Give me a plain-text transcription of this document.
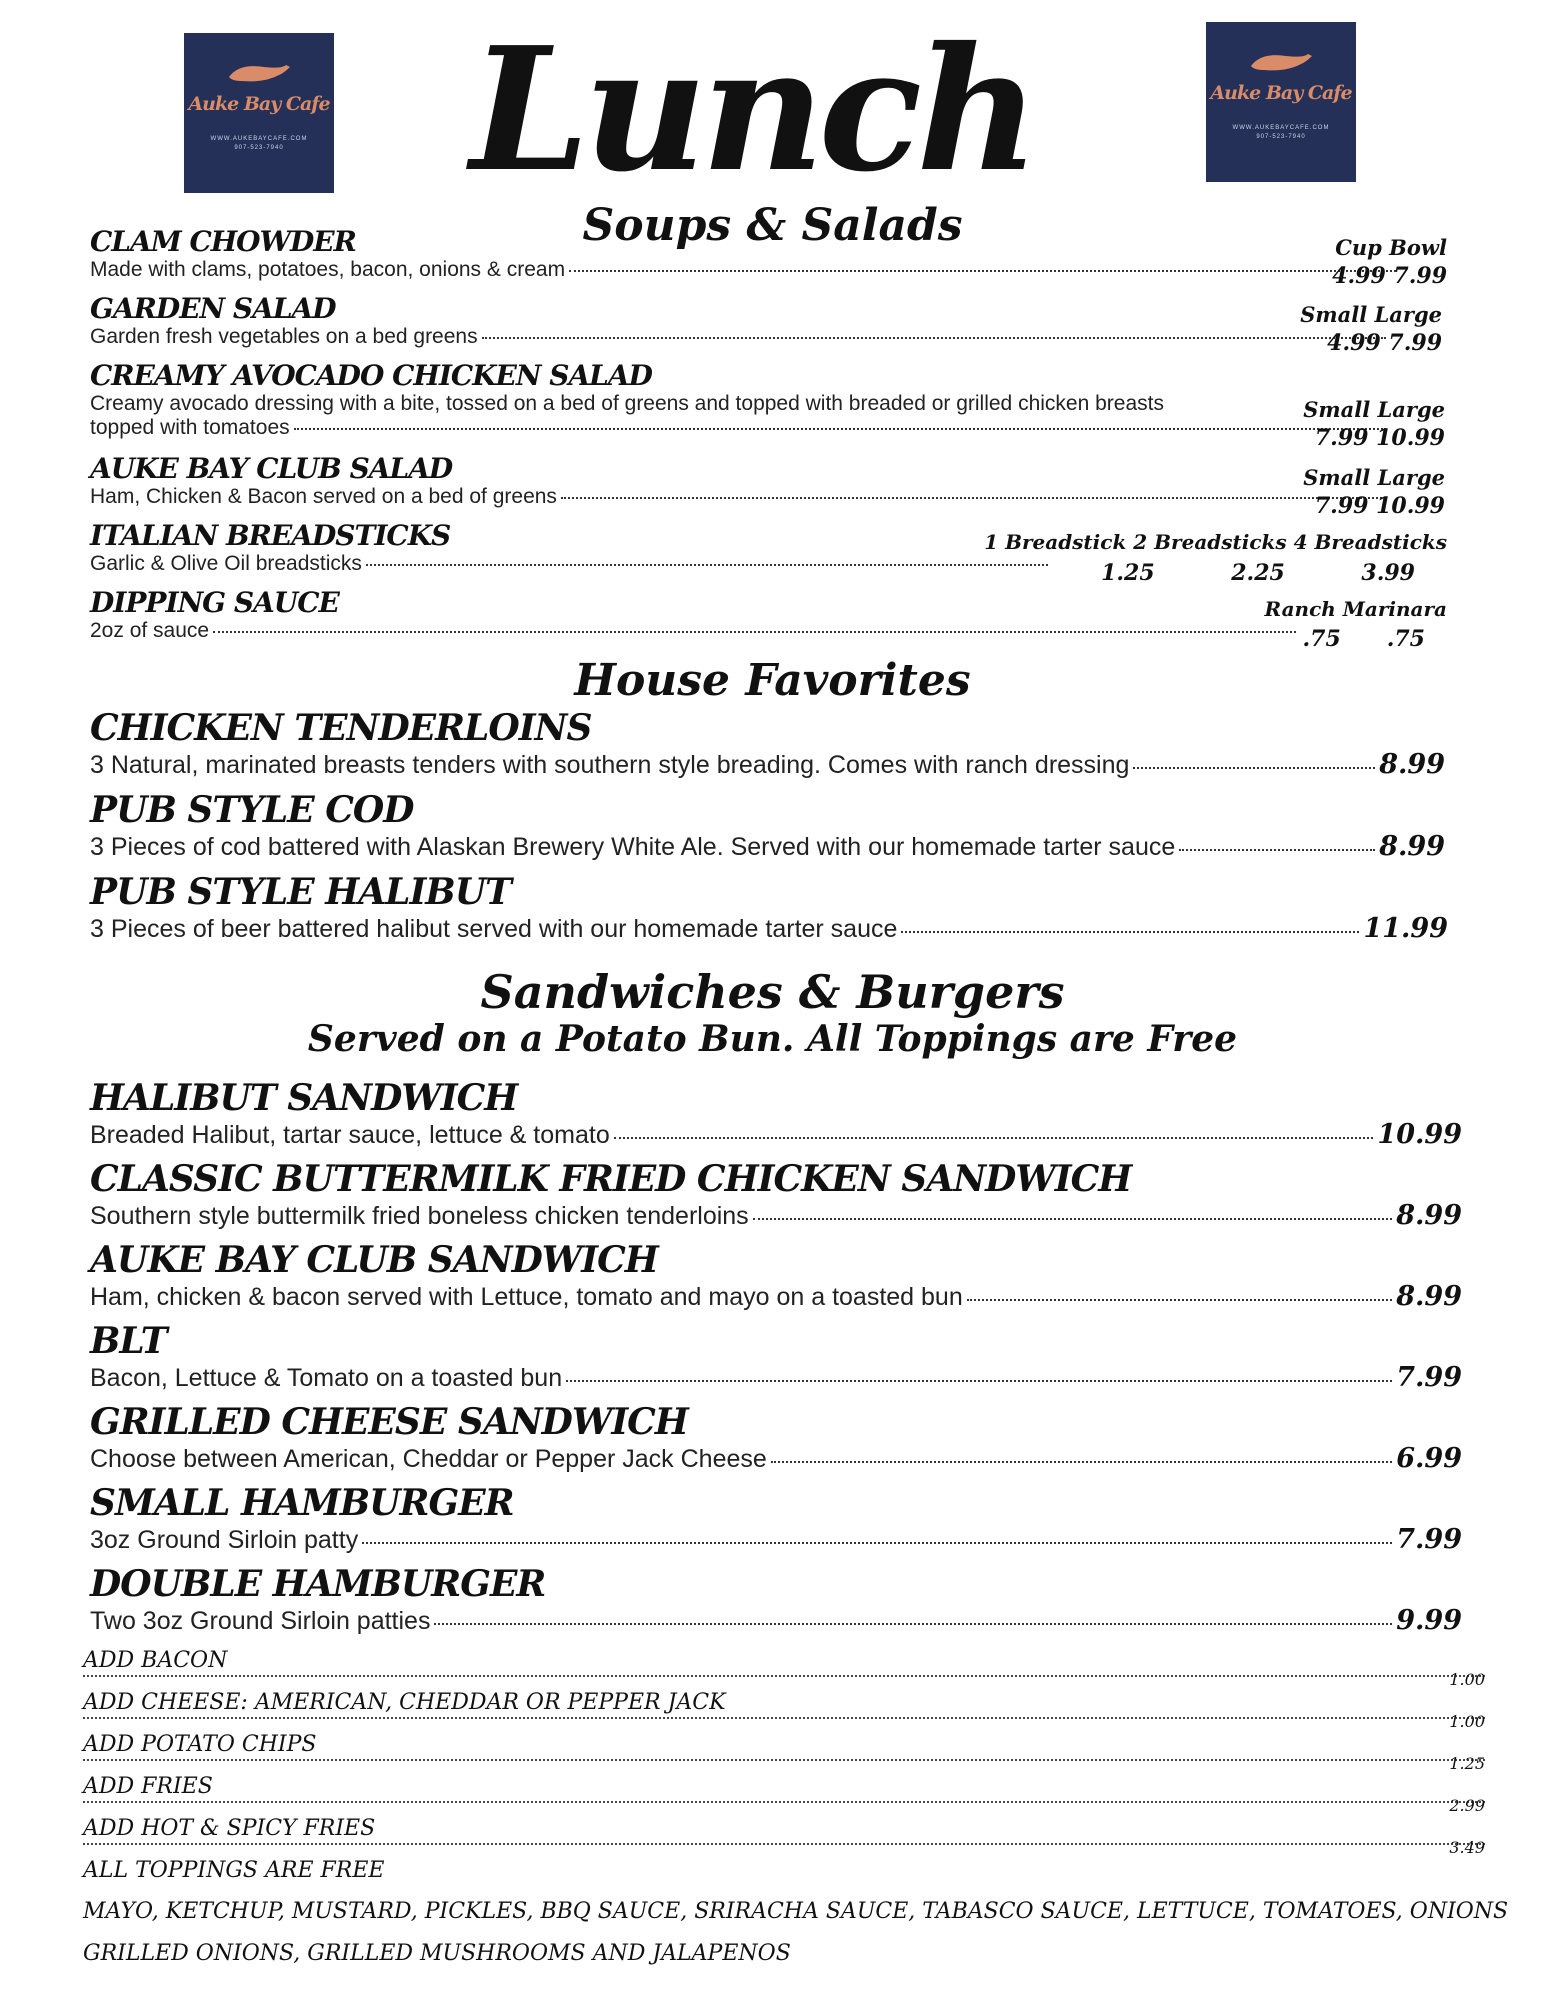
Auke Bay Cafe
WWW.AUKEBAYCAFE.COM
907-523-7940
Auke Bay Cafe
WWW.AUKEBAYCAFE.COM
907-523-7940
Lunch
Soups & Salads
CLAM CHOWDER
Made with clams, potatoes, bacon, onions & cream
Cup Bowl
4.99 7.99
GARDEN SALAD
Garden fresh vegetables on a bed greens
Small Large
4.99 7.99
CREAMY AVOCADO CHICKEN SALAD
Creamy avocado dressing with a bite, tossed on a bed of greens and topped with breaded or grilled chicken breasts
topped with tomatoes
Small Large
7.99 10.99
AUKE BAY CLUB SALAD
Ham, Chicken & Bacon served on a bed of greens
Small Large
7.99 10.99
ITALIAN BREADSTICKS
Garlic & Olive Oil breadsticks
1 Breadstick 2 Breadsticks 4 Breadsticks
1.25          2.25          3.99
DIPPING SAUCE
2oz of sauce
Ranch Marinara
.75      .75
House Favorites
CHICKEN TENDERLOINS
3 Natural, marinated breasts tenders with southern style breading. Comes with ranch dressing	8.99
PUB STYLE COD
3 Pieces of cod battered with Alaskan Brewery White Ale. Served with our homemade tarter sauce	8.99
PUB STYLE HALIBUT
3 Pieces of beer battered halibut served with our homemade tarter sauce	11.99
Sandwiches & Burgers
Served on a Potato Bun. All Toppings are Free
HALIBUT SANDWICH
Breaded Halibut, tartar sauce, lettuce & tomato	10.99
CLASSIC BUTTERMILK FRIED CHICKEN SANDWICH
Southern style buttermilk fried boneless chicken tenderloins	8.99
AUKE BAY CLUB SANDWICH
Ham, chicken & bacon served with Lettuce, tomato and mayo on a toasted bun	8.99
BLT
Bacon, Lettuce & Tomato on a toasted bun	7.99
GRILLED CHEESE SANDWICH
Choose between American, Cheddar or Pepper Jack Cheese	6.99
SMALL HAMBURGER
3oz Ground Sirloin patty	7.99
DOUBLE HAMBURGER
Two 3oz Ground Sirloin patties	9.99
ADD BACON
1.00
ADD CHEESE: AMERICAN, CHEDDAR OR PEPPER JACK
1.00
ADD POTATO CHIPS
1.25
ADD FRIES
2.99
ADD HOT & SPICY FRIES
3.49
ALL TOPPINGS ARE FREE
MAYO, KETCHUP, MUSTARD, PICKLES, BBQ SAUCE, SRIRACHA SAUCE, TABASCO SAUCE, LETTUCE, TOMATOES, ONIONS
GRILLED ONIONS, GRILLED MUSHROOMS AND JALAPENOS
